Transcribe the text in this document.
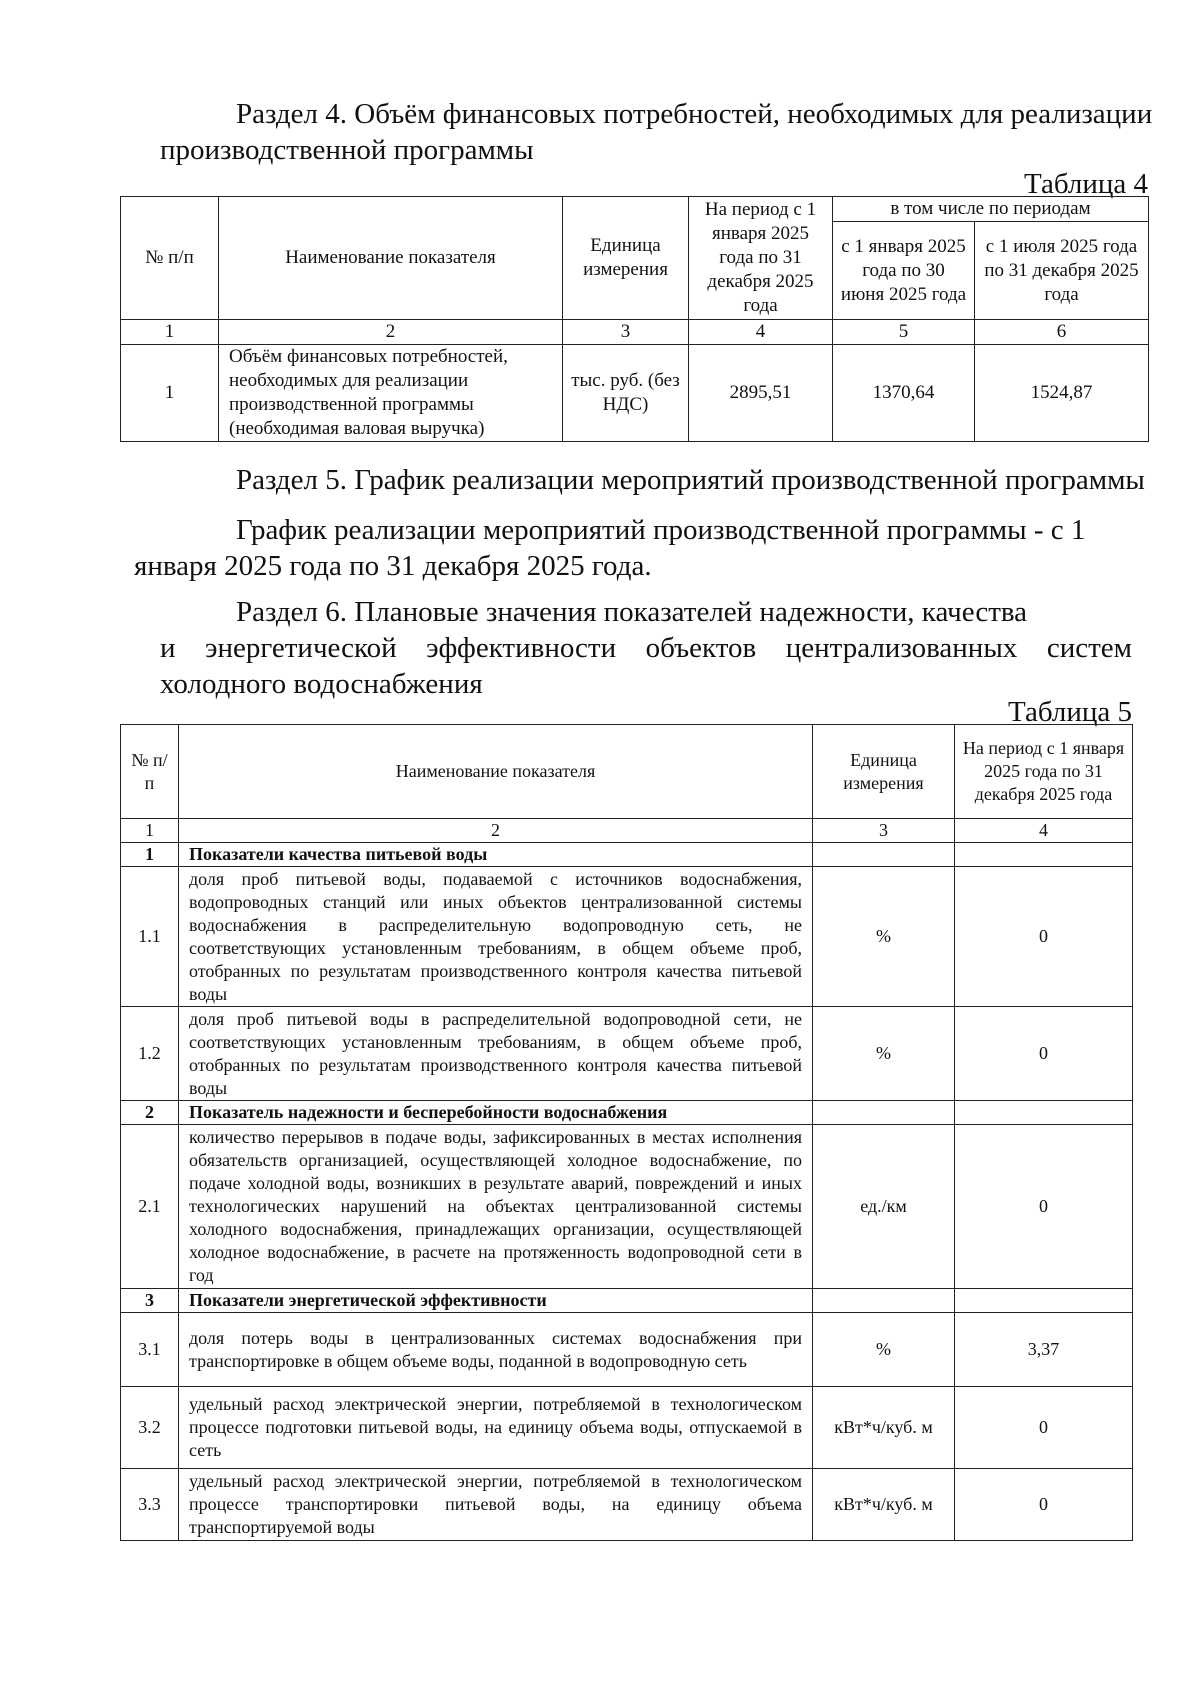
Раздел 4. Объём финансовых потребностей, необходимых для реализации
производственной программы
Таблица 4
№ п/п	Наименование показателя	Единица измерения	На период с 1 января 2025 года по 31 декабря 2025 года	в том числе по периодам	
				с 1 января 2025 года по 30 июня 2025 года	с 1 июля 2025 года по 31 декабря 2025 года
1	2	3	4	5	6
1	Объём финансовых потребностей, необходимых для реализации производственной программы (необходимая валовая выручка)	тыс. руб. (без НДС)	2895,51	1370,64	1524,87
Раздел 5. График реализации мероприятий производственной программы
График реализации мероприятий производственной программы - с 1
января 2025 года по 31 декабря 2025 года.
Раздел 6. Плановые значения показателей надежности, качества
и энергетической эффективности объектов централизованных систем
холодного водоснабжения
Таблица 5
№ п/п	Наименование показателя	Единица измерения	На период с 1 января 2025 года по 31 декабря 2025 года
1	2	3	4
1	Показатели качества питьевой воды		
1.1	доля проб питьевой воды, подаваемой с источников водоснабжения, водопроводных станций или иных объектов централизованной системы водоснабжения в распределительную водопроводную сеть, не соответствующих установленным требованиям, в общем объеме проб, отобранных по результатам производственного контроля качества питьевой воды	%	0
1.2	доля проб питьевой воды в распределительной водопроводной сети, не соответствующих установленным требованиям, в общем объеме проб, отобранных по результатам производственного контроля качества питьевой воды	%	0
2	Показатель надежности и бесперебойности водоснабжения		
2.1	количество перерывов в подаче воды, зафиксированных в местах исполнения обязательств организацией, осуществляющей холодное водоснабжение, по подаче холодной воды, возникших в результате аварий, повреждений и иных технологических нарушений на объектах централизованной системы холодного водоснабжения, принадлежащих организации, осуществляющей холодное водоснабжение, в расчете на протяженность водопроводной сети в год	ед./км	0
3	Показатели энергетической эффективности		
3.1	доля потерь воды в централизованных системах водоснабжения при транспортировке в общем объеме воды, поданной в водопроводную сеть	%	3,37
3.2	удельный расход электрической энергии, потребляемой в технологическом процессе подготовки питьевой воды, на единицу объема воды, отпускаемой в сеть	кВт*ч/куб. м	0
3.3	удельный расход электрической энергии, потребляемой в технологическом процессе транспортировки питьевой воды, на единицу объема транспортируемой воды	кВт*ч/куб. м	0
